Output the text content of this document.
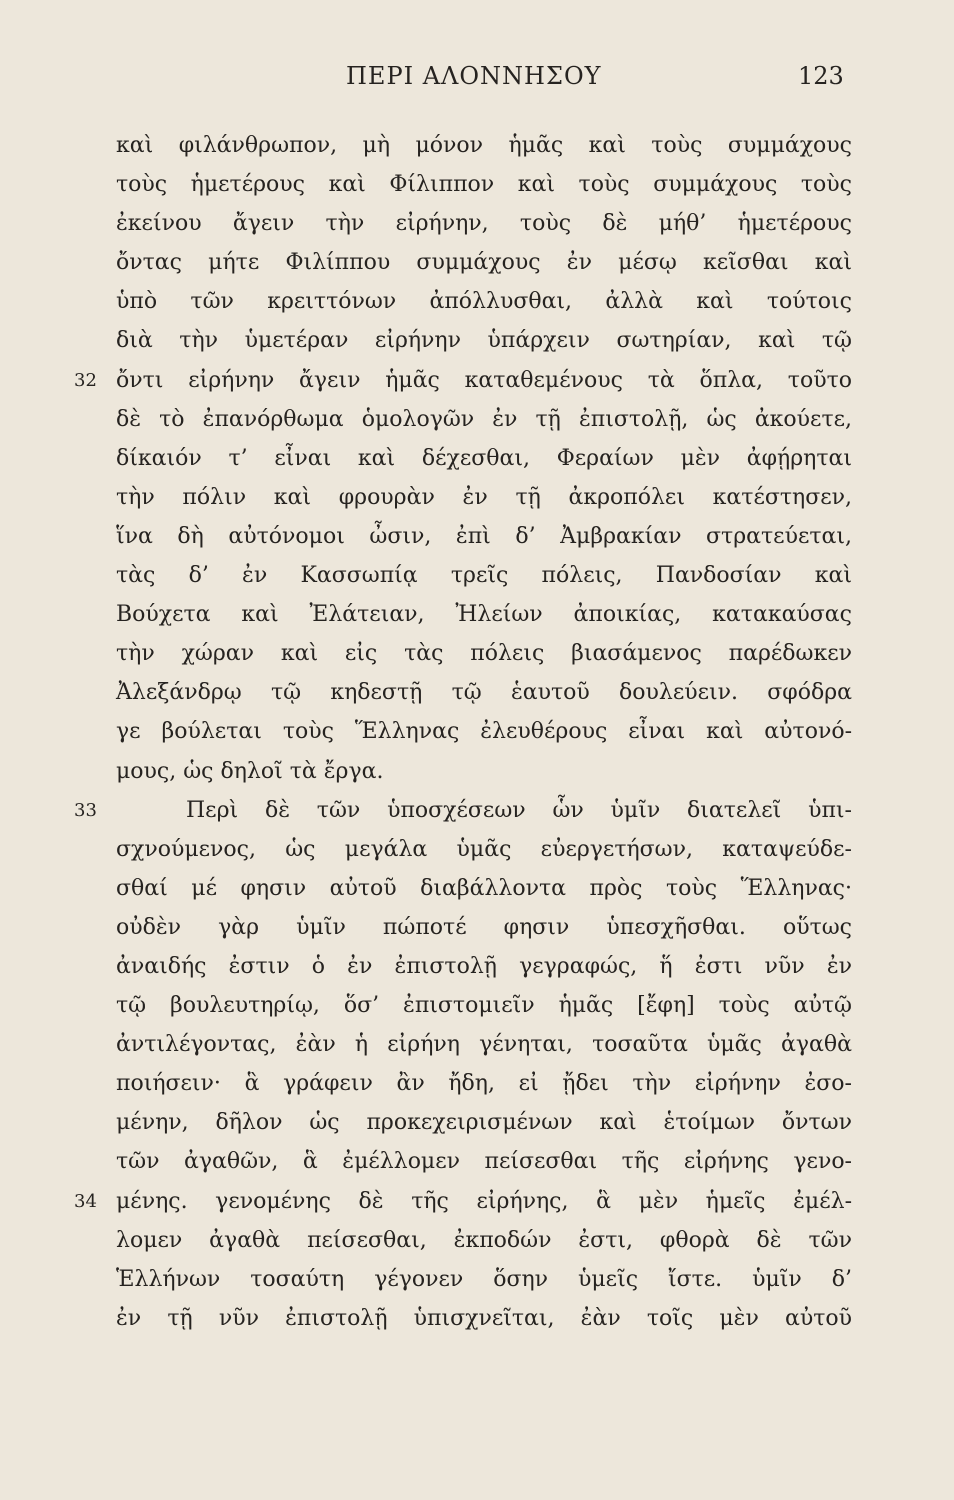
ΠΕΡΙ ΑΛΟΝΝΗΣΟΥ	123
καὶ φιλάνθρωπον, μὴ μόνον ἡμᾶς καὶ τοὺς συμμάχους
τοὺς ἡμετέρους καὶ Φίλιππον καὶ τοὺς συμμάχους τοὺς
ἐκείνου ἄγειν τὴν εἰρήνην, τοὺς δὲ μήθ’ ἡμετέρους
ὄντας μήτε Φιλίππου συμμάχους ἐν μέσῳ κεῖσθαι καὶ
ὑπὸ τῶν κρειττόνων ἀπόλλυσθαι, ἀλλὰ καὶ τούτοις
διὰ τὴν ὑμετέραν εἰρήνην ὑπάρχειν σωτηρίαν, καὶ τῷ
32 ὄντι εἰρήνην ἄγειν ἡμᾶς καταθεμένους τὰ ὅπλα, τοῦτο
δὲ τὸ ἐπανόρθωμα ὁμολογῶν ἐν τῇ ἐπιστολῇ, ὡς ἀκούετε,
δίκαιόν τ’ εἶναι καὶ δέχεσθαι, Φεραίων μὲν ἀφῄρηται
τὴν πόλιν καὶ φρουρὰν ἐν τῇ ἀκροπόλει κατέστησεν,
ἵνα δὴ αὐτόνομοι ὦσιν, ἐπὶ δ’ Ἀμβρακίαν στρατεύεται,
τὰς δ’ ἐν Κασσωπίᾳ τρεῖς πόλεις, Πανδοσίαν καὶ
Βούχετα καὶ Ἐλάτειαν, Ἠλείων ἀποικίας, κατακαύσας
τὴν χώραν καὶ εἰς τὰς πόλεις βιασάμενος παρέδωκεν
Ἀλεξάνδρῳ τῷ κηδεστῇ τῷ ἑαυτοῦ δουλεύειν. σφόδρα
γε βούλεται τοὺς Ἕλληνας ἐλευθέρους εἶναι καὶ αὐτονό-
μους, ὡς δηλοῖ τὰ ἔργα.
33	Περὶ δὲ τῶν ὑποσχέσεων ὧν ὑμῖν διατελεῖ ὑπι-
σχνούμενος, ὡς μεγάλα ὑμᾶς εὐεργετήσων, καταψεύδε-
σθαί μέ φησιν αὐτοῦ διαβάλλοντα πρὸς τοὺς Ἕλληνας·
οὐδὲν γὰρ ὑμῖν πώποτέ φησιν ὑπεσχῆσθαι. οὕτως
ἀναιδής ἐστιν ὁ ἐν ἐπιστολῇ γεγραφώς, ἥ ἐστι νῦν ἐν
τῷ βουλευτηρίῳ, ὅσ’ ἐπιστομιεῖν ἡμᾶς [ἔφη] τοὺς αὐτῷ
ἀντιλέγοντας, ἐὰν ἡ εἰρήνη γένηται, τοσαῦτα ὑμᾶς ἀγαθὰ
ποιήσειν· ἃ γράφειν ἂν ἤδη, εἰ ᾔδει τὴν εἰρήνην ἐσο-
μένην, δῆλον ὡς προκεχειρισμένων καὶ ἑτοίμων ὄντων
τῶν ἀγαθῶν, ἃ ἐμέλλομεν πείσεσθαι τῆς εἰρήνης γενο-
34 μένης. γενομένης δὲ τῆς εἰρήνης, ἃ μὲν ἡμεῖς ἐμέλ-
λομεν ἀγαθὰ πείσεσθαι, ἐκποδών ἐστι, φθορὰ δὲ τῶν
Ἑλλήνων τοσαύτη γέγονεν ὅσην ὑμεῖς ἴστε. ὑμῖν δ’
ἐν τῇ νῦν ἐπιστολῇ ὑπισχνεῖται, ἐὰν τοῖς μὲν αὐτοῦ
